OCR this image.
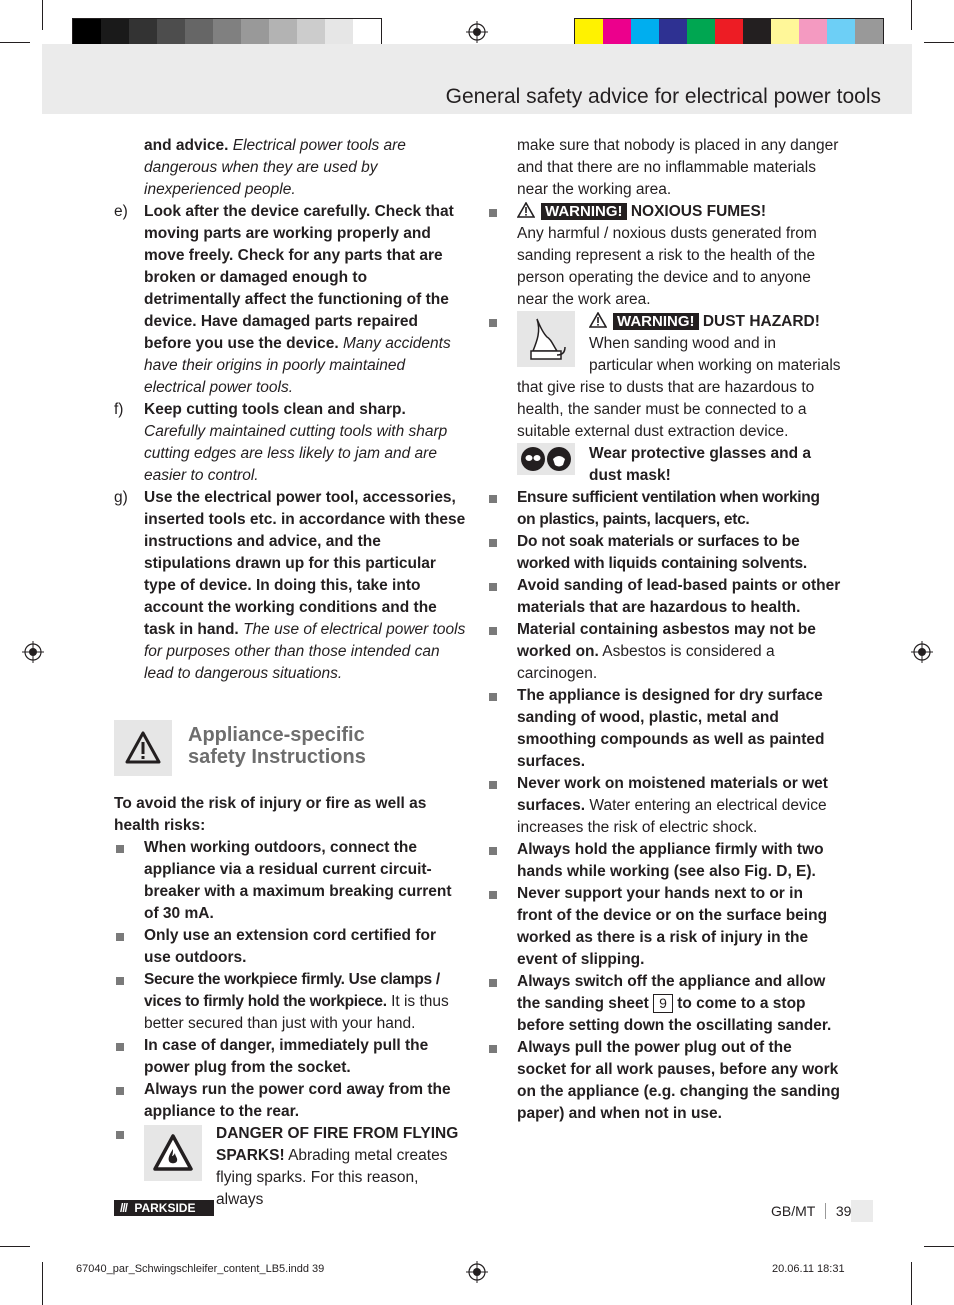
General safety advice for electrical power tools

and advice. Electrical power tools are dangerous when they are used by inexperienced people.

e) Look after the device carefully. Check that moving parts are working properly and move freely. Check for any parts that are broken or damaged enough to detrimentally affect the functioning of the device. Have damaged parts repaired before you use the device. Many accidents have their origins in poorly maintained electrical power tools.
f) Keep cutting tools clean and sharp. Carefully maintained cutting tools with sharp cutting edges are less likely to jam and are easier to control.
g) Use the electrical power tool, accessories, inserted tools etc. in accordance with these instructions and advice, and the stipulations drawn up for this particular type of device. In doing this, take into account the working conditions and the task in hand. The use of electrical power tools for purposes other than those intended can lead to dangerous situations.
Appliance-specific
safety Instructions

To avoid the risk of injury or fire as well as health risks:

When working outdoors, connect the appliance via a residual current circuit-breaker with a maximum breaking current of 30 mA.
Only use an extension cord certified for use outdoors.
Secure the workpiece firmly. Use clamps / vices to firmly hold the workpiece. It is thus better secured than just with your hand.
In case of danger, immediately pull the power plug from the socket.
Always run the power cord away from the appliance to the rear.
DANGER OF FIRE FROM FLYING SPARKS! Abrading metal creates flying sparks. For this reason, always

make sure that nobody is placed in any danger and that there are no inflammable materials near the working area.

WARNING! NOXIOUS FUMES!
Any harmful / noxious dusts generated from sanding represent a risk to the health of the person operating the device and to anyone near the work area.
WARNING! DUST HAZARD! When sanding wood and in particular when working on materials that give rise to dusts that are hazardous to health, the sander must be connected to a suitable external dust extraction device.
Wear protective glasses and a dust mask!
Ensure sufficient ventilation when working on plastics, paints, lacquers, etc.
Do not soak materials or surfaces to be worked with liquids containing solvents.
Avoid sanding of lead-based paints or other materials that are hazardous to health.
Material containing asbestos may not be worked on. Asbestos is considered a carcinogen.
The appliance is designed for dry surface sanding of wood, plastic, metal and smoothing compounds as well as painted surfaces.
Never work on moistened materials or wet surfaces. Water entering an electrical device increases the risk of electric shock.
Always hold the appliance firmly with two hands while working (see also Fig. D, E).
Never support your hands next to or in front of the device or on the surface being worked as there is a risk of injury in the event of slipping.
Always switch off the appliance and allow the sanding sheet 9 to come to a stop before setting down the oscillating sander.
Always pull the power plug out of the socket for all work pauses, before any work on the appliance (e.g. changing the sanding paper) and when not in use.
/// PARKSIDE	GB/MT 39
67040_par_Schwingschleifer_content_LB5.indd 39	20.06.11 18:31
